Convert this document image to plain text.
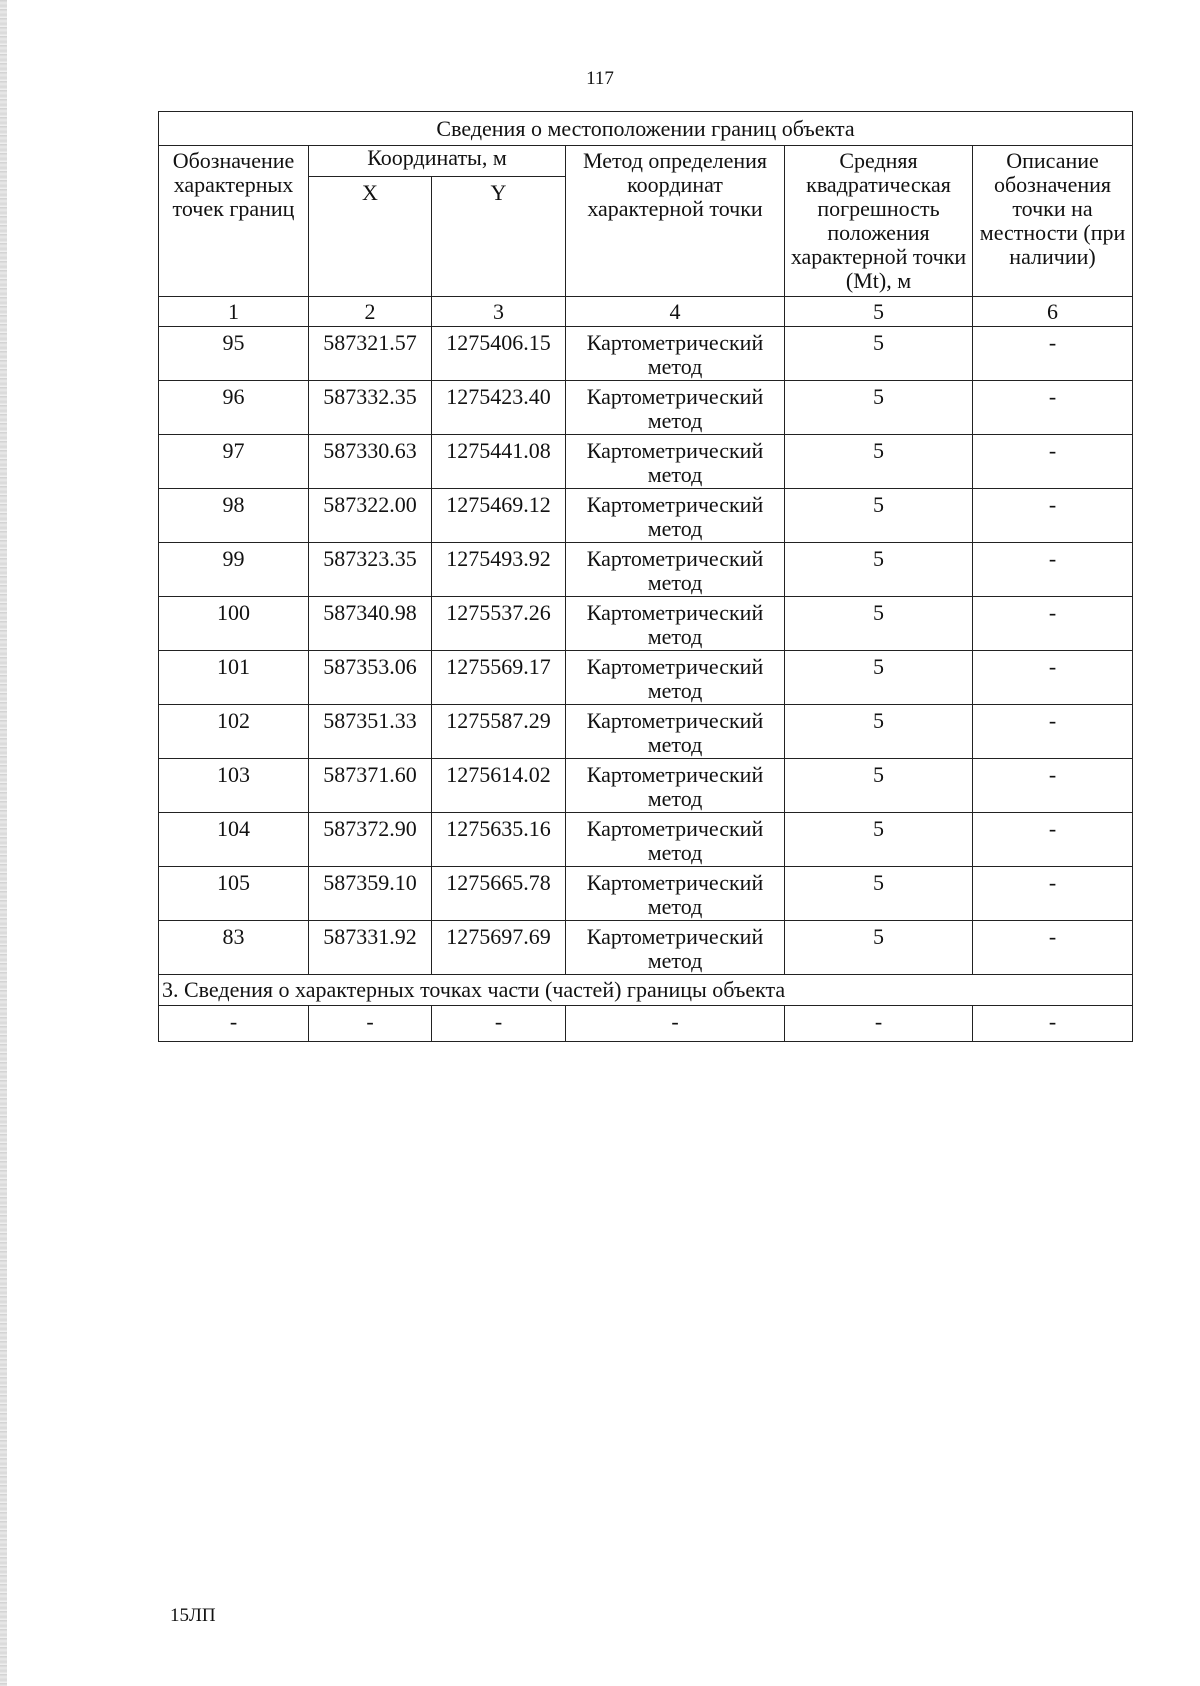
117
Сведения о местоположении границ объекта					
Обозначение характерных точек границ	Координаты, м		Метод определения координат характерной точки	Средняя квадратическая погрешность положения характерной точки (Mt), м	Описание обозначения точки на местности (при наличии)
	X	Y			
1	2	3	4	5	6
95	587321.57	1275406.15	Картометрический метод	5	-
96	587332.35	1275423.40	Картометрический метод	5	-
97	587330.63	1275441.08	Картометрический метод	5	-
98	587322.00	1275469.12	Картометрический метод	5	-
99	587323.35	1275493.92	Картометрический метод	5	-
100	587340.98	1275537.26	Картометрический метод	5	-
101	587353.06	1275569.17	Картометрический метод	5	-
102	587351.33	1275587.29	Картометрический метод	5	-
103	587371.60	1275614.02	Картометрический метод	5	-
104	587372.90	1275635.16	Картометрический метод	5	-
105	587359.10	1275665.78	Картометрический метод	5	-
83	587331.92	1275697.69	Картометрический метод	5	-
3. Сведения о характерных точках части (частей) границы объекта					
-	-	-	-	-	-
15ЛП
